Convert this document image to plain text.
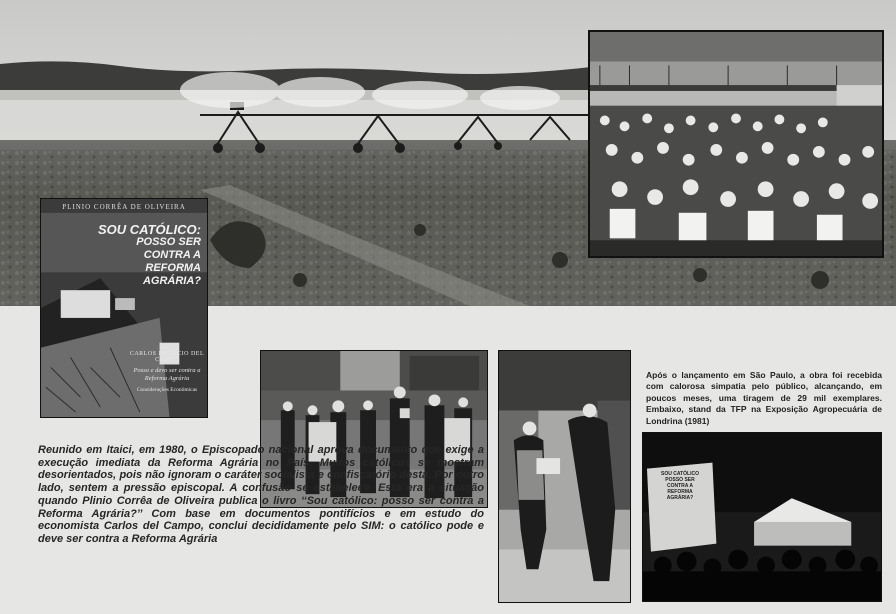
PLINIO CORRÊA DE OLIVEIRA
SOU CATÓLICO:
POSSO SER
CONTRA A
REFORMA
AGRÁRIA?
CARLOS PATRÍCIO DEL CAMPO
Posso e devo ser contra a Reforma Agrária
Considerações Econômicas

Após o lançamento em São Paulo, a obra foi recebida com calorosa simpatia pelo público, alcançando, em poucos meses, uma tiragem de 29 mil exemplares. Embaixo, stand da TFP na Exposição Agropecuária de Londrina (1981)

SOU CATÓLICO
POSSO SER
CONTRA A
REFORMA
AGRÁRIA?

Reunido em Itaici, em 1980, o Episcopado nacional aprova documento que exige a execução imediata da Reforma Agrária no País. Muitos católicos se mostram desorientados, pois não ignoram o caráter socialista e confiscatório desta. Por outro lado, sentem a pressão episcopal. A confusão se estabelece. Esta era a situação quando Plinio Corrêa de Oliveira publica o livro ‘‘Sou católico: posso ser contra a Reforma Agrária?’’ Com base em documentos pontifícios e em estudo do economista Carlos del Campo, conclui decididamente pelo SIM: o católico pode e deve ser contra a Reforma Agrária
